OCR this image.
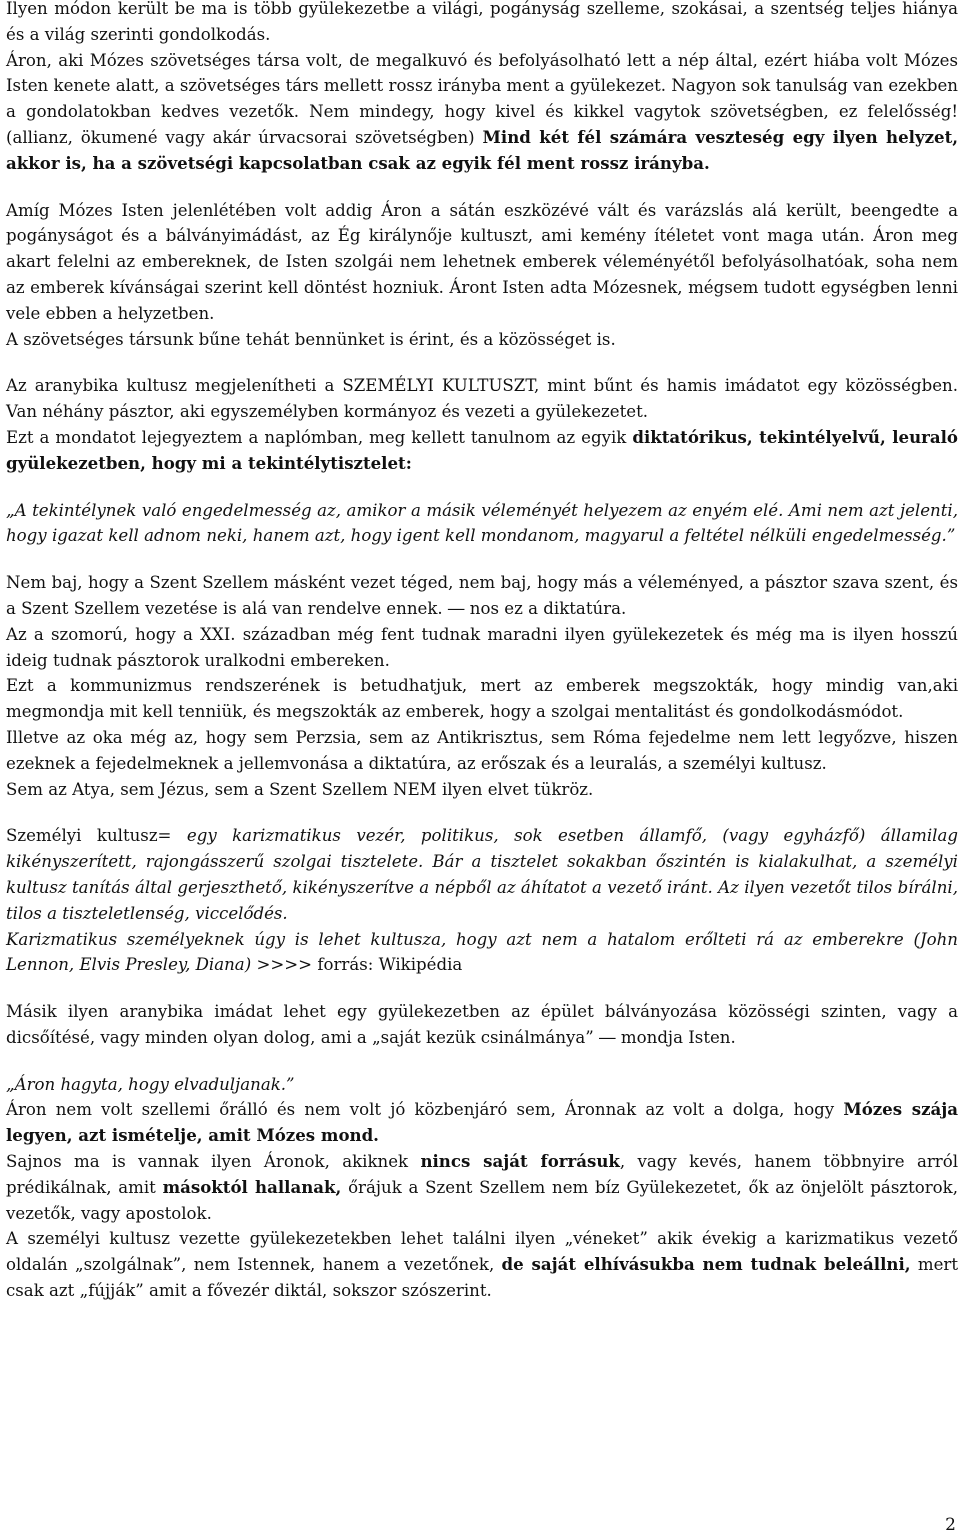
Ilyen módon került be ma is több gyülekezetbe a világi, pogányság szelleme, szokásai, a szentség teljes hiánya és a világ szerinti gondolkodás.

Áron, aki Mózes szövetséges társa volt, de megalkuvó és befolyásolható lett a nép által, ezért hiába volt Mózes Isten kenete alatt, a szövetséges társ mellett rossz irányba ment a gyülekezet. Nagyon sok tanulság van ezekben a gondolatokban kedves vezetők. Nem mindegy, hogy kivel és kikkel vagytok szövetségben, ez felelősség! (allianz, ökumené vagy akár úrvacsorai szövetségben) Mind két fél számára veszteség egy ilyen helyzet, akkor is, ha a szövetségi kapcsolatban csak az egyik fél ment rossz irányba.

Amíg Mózes Isten jelenlétében volt addig Áron a sátán eszközévé vált és varázslás alá került, beengedte a pogányságot és a bálványimádást, az Ég királynője kultuszt, ami kemény ítéletet vont maga után. Áron meg akart felelni az embereknek, de Isten szolgái nem lehetnek emberek véleményétől befolyásolhatóak, soha nem az emberek kívánságai szerint kell döntést hozniuk. Áront Isten adta Mózesnek, mégsem tudott egységben lenni vele ebben a helyzetben.

A szövetséges társunk bűne tehát bennünket is érint, és a közösséget is.

Az aranybika kultusz megjelenítheti a SZEMÉLYI KULTUSZT, mint bűnt és hamis imádatot egy közösségben. Van néhány pásztor, aki egyszemélyben kormányoz és vezeti a gyülekezetet.

Ezt a mondatot lejegyeztem a naplómban, meg kellett tanulnom az egyik diktatórikus, tekintélyelvű, leuraló gyülekezetben, hogy mi a tekintélytisztelet:

„A tekintélynek való engedelmesség az, amikor a másik véleményét helyezem az enyém elé. Ami nem azt jelenti, hogy igazat kell adnom neki, hanem azt, hogy igent kell mondanom, magyarul a feltétel nélküli engedelmesség.”

Nem baj, hogy a Szent Szellem másként vezet téged, nem baj, hogy más a véleményed, a pásztor szava szent, és a Szent Szellem vezetése is alá van rendelve ennek. ― nos ez a diktatúra.

Az a szomorú, hogy a XXI. században még fent tudnak maradni ilyen gyülekezetek és még ma is ilyen hosszú ideig tudnak pásztorok uralkodni embereken.

Ezt a kommunizmus rendszerének is betudhatjuk, mert az emberek megszokták, hogy mindig van,aki megmondja mit kell tenniük, és megszokták az emberek, hogy a szolgai mentalitást és gondolkodásmódot.

Illetve az oka még az, hogy sem Perzsia, sem az Antikrisztus, sem Róma fejedelme nem lett legyőzve, hiszen ezeknek a fejedelmeknek a jellemvonása a diktatúra, az erőszak és a leuralás, a személyi kultusz.

Sem az Atya, sem Jézus, sem a Szent Szellem NEM ilyen elvet tükröz.

Személyi kultusz= egy karizmatikus vezér, politikus, sok esetben államfő, (vagy egyházfő) államilag kikényszerített, rajongásszerű szolgai tisztelete. Bár a tisztelet sokakban őszintén is kialakulhat, a személyi kultusz tanítás által gerjeszthető, kikényszerítve a népből az áhítatot a vezető iránt. Az ilyen vezetőt tilos bírálni, tilos a tiszteletlenség, viccelődés.

Karizmatikus személyeknek úgy is lehet kultusza, hogy azt nem a hatalom erőlteti rá az emberekre (John Lennon, Elvis Presley, Diana) >>>> forrás: Wikipédia

Másik ilyen aranybika imádat lehet egy gyülekezetben az épület bálványozása közösségi szinten, vagy a dicsőítésé, vagy minden olyan dolog, ami a „saját kezük csinálmánya” ― mondja Isten.

„Áron hagyta, hogy elvaduljanak.”

Áron nem volt szellemi őrálló és nem volt jó közbenjáró sem, Áronnak az volt a dolga, hogy Mózes szája legyen, azt ismételje, amit Mózes mond.

Sajnos ma is vannak ilyen Áronok, akiknek nincs saját forrásuk, vagy kevés, hanem többnyire arról prédikálnak, amit másoktól hallanak, őrájuk a Szent Szellem nem bíz Gyülekezetet, ők az önjelölt pásztorok, vezetők, vagy apostolok.

A személyi kultusz vezette gyülekezetekben lehet találni ilyen „véneket” akik évekig a karizmatikus vezető oldalán „szolgálnak”, nem Istennek, hanem a vezetőnek, de saját elhívásukba nem tudnak beleállni, mert csak azt „fújják” amit a fővezér diktál, sokszor szószerint.

2
